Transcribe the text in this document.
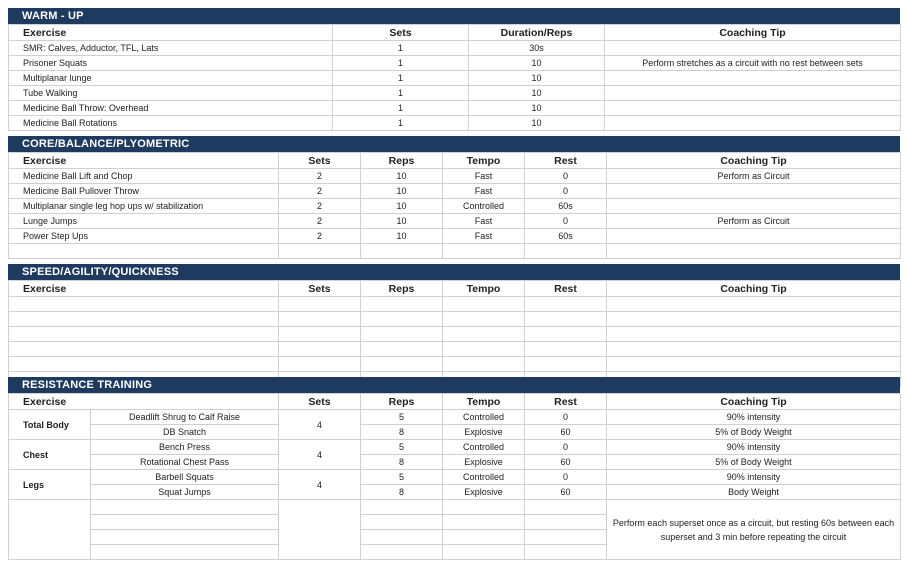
WARM - UP
Exercise	Sets	Duration/Reps	Coaching Tip
SMR: Calves, Adductor, TFL, Lats	1	30s	
Prisoner Squats	1	10	Perform stretches as a circuit with no rest between sets
Multiplanar lunge	1	10	
Tube Walking	1	10	
Medicine Ball Throw: Overhead	1	10	
Medicine Ball Rotations	1	10	
CORE/BALANCE/PLYOMETRIC
Exercise	Sets	Reps	Tempo	Rest	Coaching Tip
Medicine Ball Lift and Chop	2	10	Fast	0	Perform as Circuit
Medicine Ball Pullover Throw	2	10	Fast	0	
Multiplanar single leg hop ups w/ stabilization	2	10	Controlled	60s	
Lunge Jumps	2	10	Fast	0	Perform as Circuit
Power Step Ups	2	10	Fast	60s	

SPEED/AGILITY/QUICKNESS
Exercise	Sets	Reps	Tempo	Rest	Coaching Tip

RESISTANCE TRAINING
Exercise		Sets	Reps	Tempo	Rest	Coaching Tip
Total Body	Deadlift Shrug to Calf Raise	4	5	Controlled	0	90% intensity
	DB Snatch		8	Explosive	60	5% of Body Weight
Chest	Bench Press	4	5	Controlled	0	90% intensity
	Rotational Chest Pass		8	Explosive	60	5% of Body Weight
Legs	Barbell Squats	4	5	Controlled	0	90% intensity
	Squat Jumps		8	Explosive	60	Body Weight
						Perform each superset once as a circuit, but resting 60s between each superset and 3 min before repeating the circuit
